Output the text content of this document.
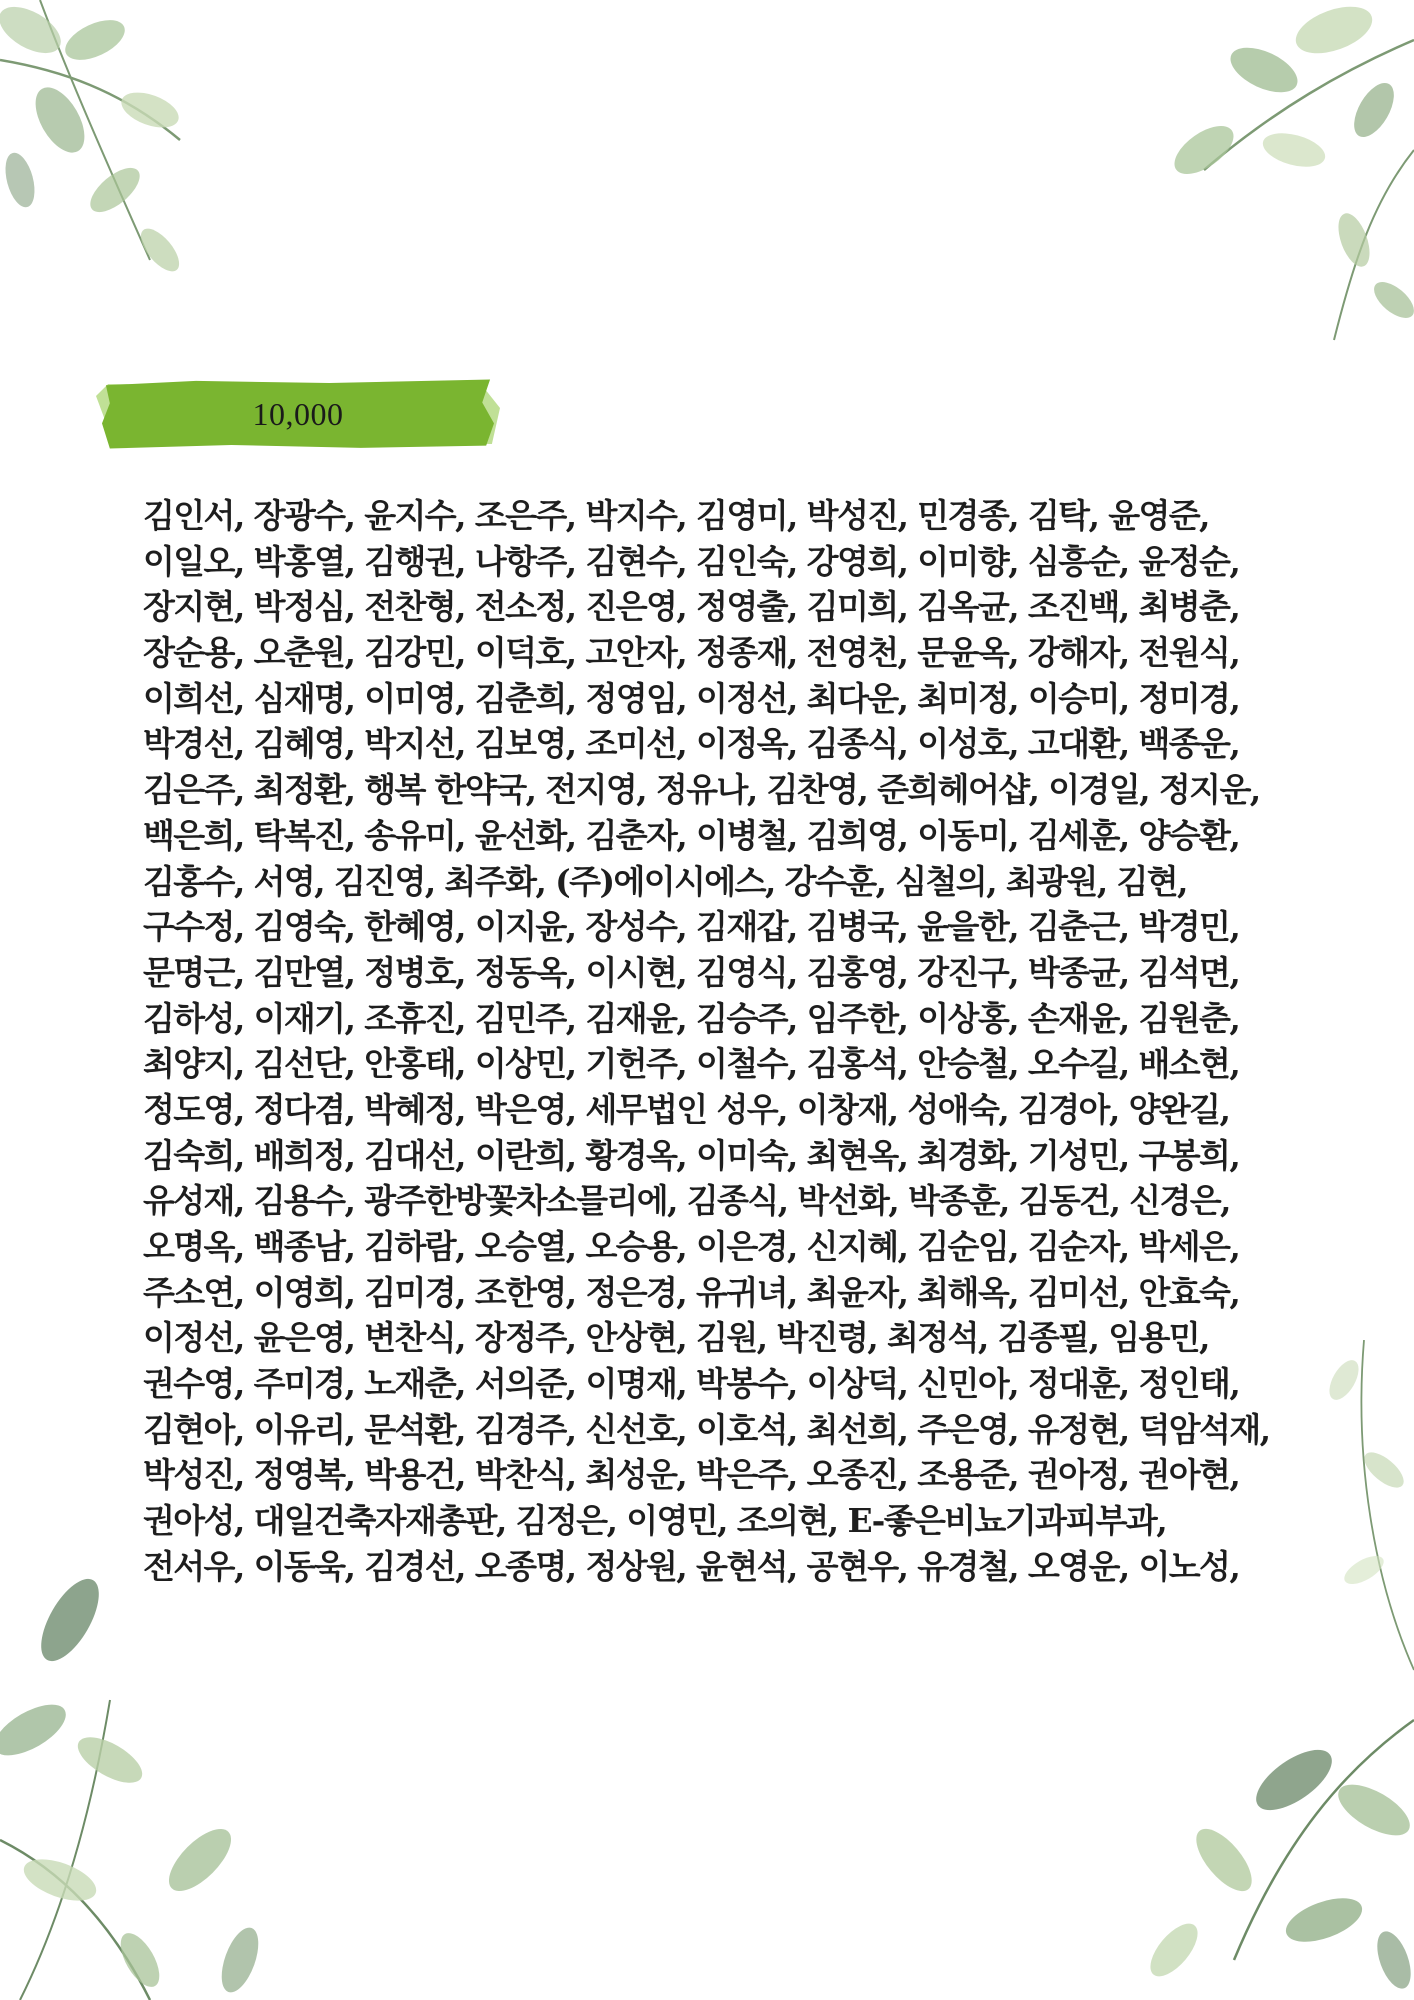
10,000
김인서, 장광수, 윤지수, 조은주, 박지수, 김영미, 박성진, 민경종, 김탁, 윤영준,
이일오, 박홍열, 김행권, 나항주, 김현수, 김인숙, 강영희, 이미향, 심흥순, 윤정순,
장지현, 박정심, 전찬형, 전소정, 진은영, 정영출, 김미희, 김옥균, 조진백, 최병춘,
장순용, 오춘원, 김강민, 이덕호, 고안자, 정종재, 전영천, 문윤옥, 강해자, 전원식,
이희선, 심재명, 이미영, 김춘희, 정영임, 이정선, 최다운, 최미정, 이승미, 정미경,
박경선, 김혜영, 박지선, 김보영, 조미선, 이정옥, 김종식, 이성호, 고대환, 백종운,
김은주, 최정환, 행복 한약국, 전지영, 정유나, 김찬영, 준희헤어샵, 이경일, 정지운,
백은희, 탁복진, 송유미, 윤선화, 김춘자, 이병철, 김희영, 이동미, 김세훈, 양승환,
김홍수, 서영, 김진영, 최주화, (주)에이시에스, 강수훈, 심철의, 최광원, 김현,
구수정, 김영숙, 한혜영, 이지윤, 장성수, 김재갑, 김병국, 윤을한, 김춘근, 박경민,
문명근, 김만열, 정병호, 정동옥, 이시현, 김영식, 김홍영, 강진구, 박종균, 김석면,
김하성, 이재기, 조휴진, 김민주, 김재윤, 김승주, 임주한, 이상홍, 손재윤, 김원춘,
최양지, 김선단, 안홍태, 이상민, 기헌주, 이철수, 김홍석, 안승철, 오수길, 배소현,
정도영, 정다겸, 박혜정, 박은영, 세무법인 성우, 이창재, 성애숙, 김경아, 양완길,
김숙희, 배희정, 김대선, 이란희, 황경옥, 이미숙, 최현옥, 최경화, 기성민, 구봉희,
유성재, 김용수, 광주한방꽃차소믈리에, 김종식, 박선화, 박종훈, 김동건, 신경은,
오명옥, 백종남, 김하람, 오승열, 오승용, 이은경, 신지혜, 김순임, 김순자, 박세은,
주소연, 이영희, 김미경, 조한영, 정은경, 유귀녀, 최윤자, 최해옥, 김미선, 안효숙,
이정선, 윤은영, 변찬식, 장정주, 안상현, 김원, 박진령, 최정석, 김종필, 임용민,
권수영, 주미경, 노재춘, 서의준, 이명재, 박봉수, 이상덕, 신민아, 정대훈, 정인태,
김현아, 이유리, 문석환, 김경주, 신선호, 이호석, 최선희, 주은영, 유정현, 덕암석재,
박성진, 정영복, 박용건, 박찬식, 최성운, 박은주, 오종진, 조용준, 권아정, 권아현,
권아성, 대일건축자재총판, 김정은, 이영민, 조의현, E-좋은비뇨기과피부과,
전서우, 이동욱, 김경선, 오종명, 정상원, 윤현석, 공현우, 유경철, 오영운, 이노성,
